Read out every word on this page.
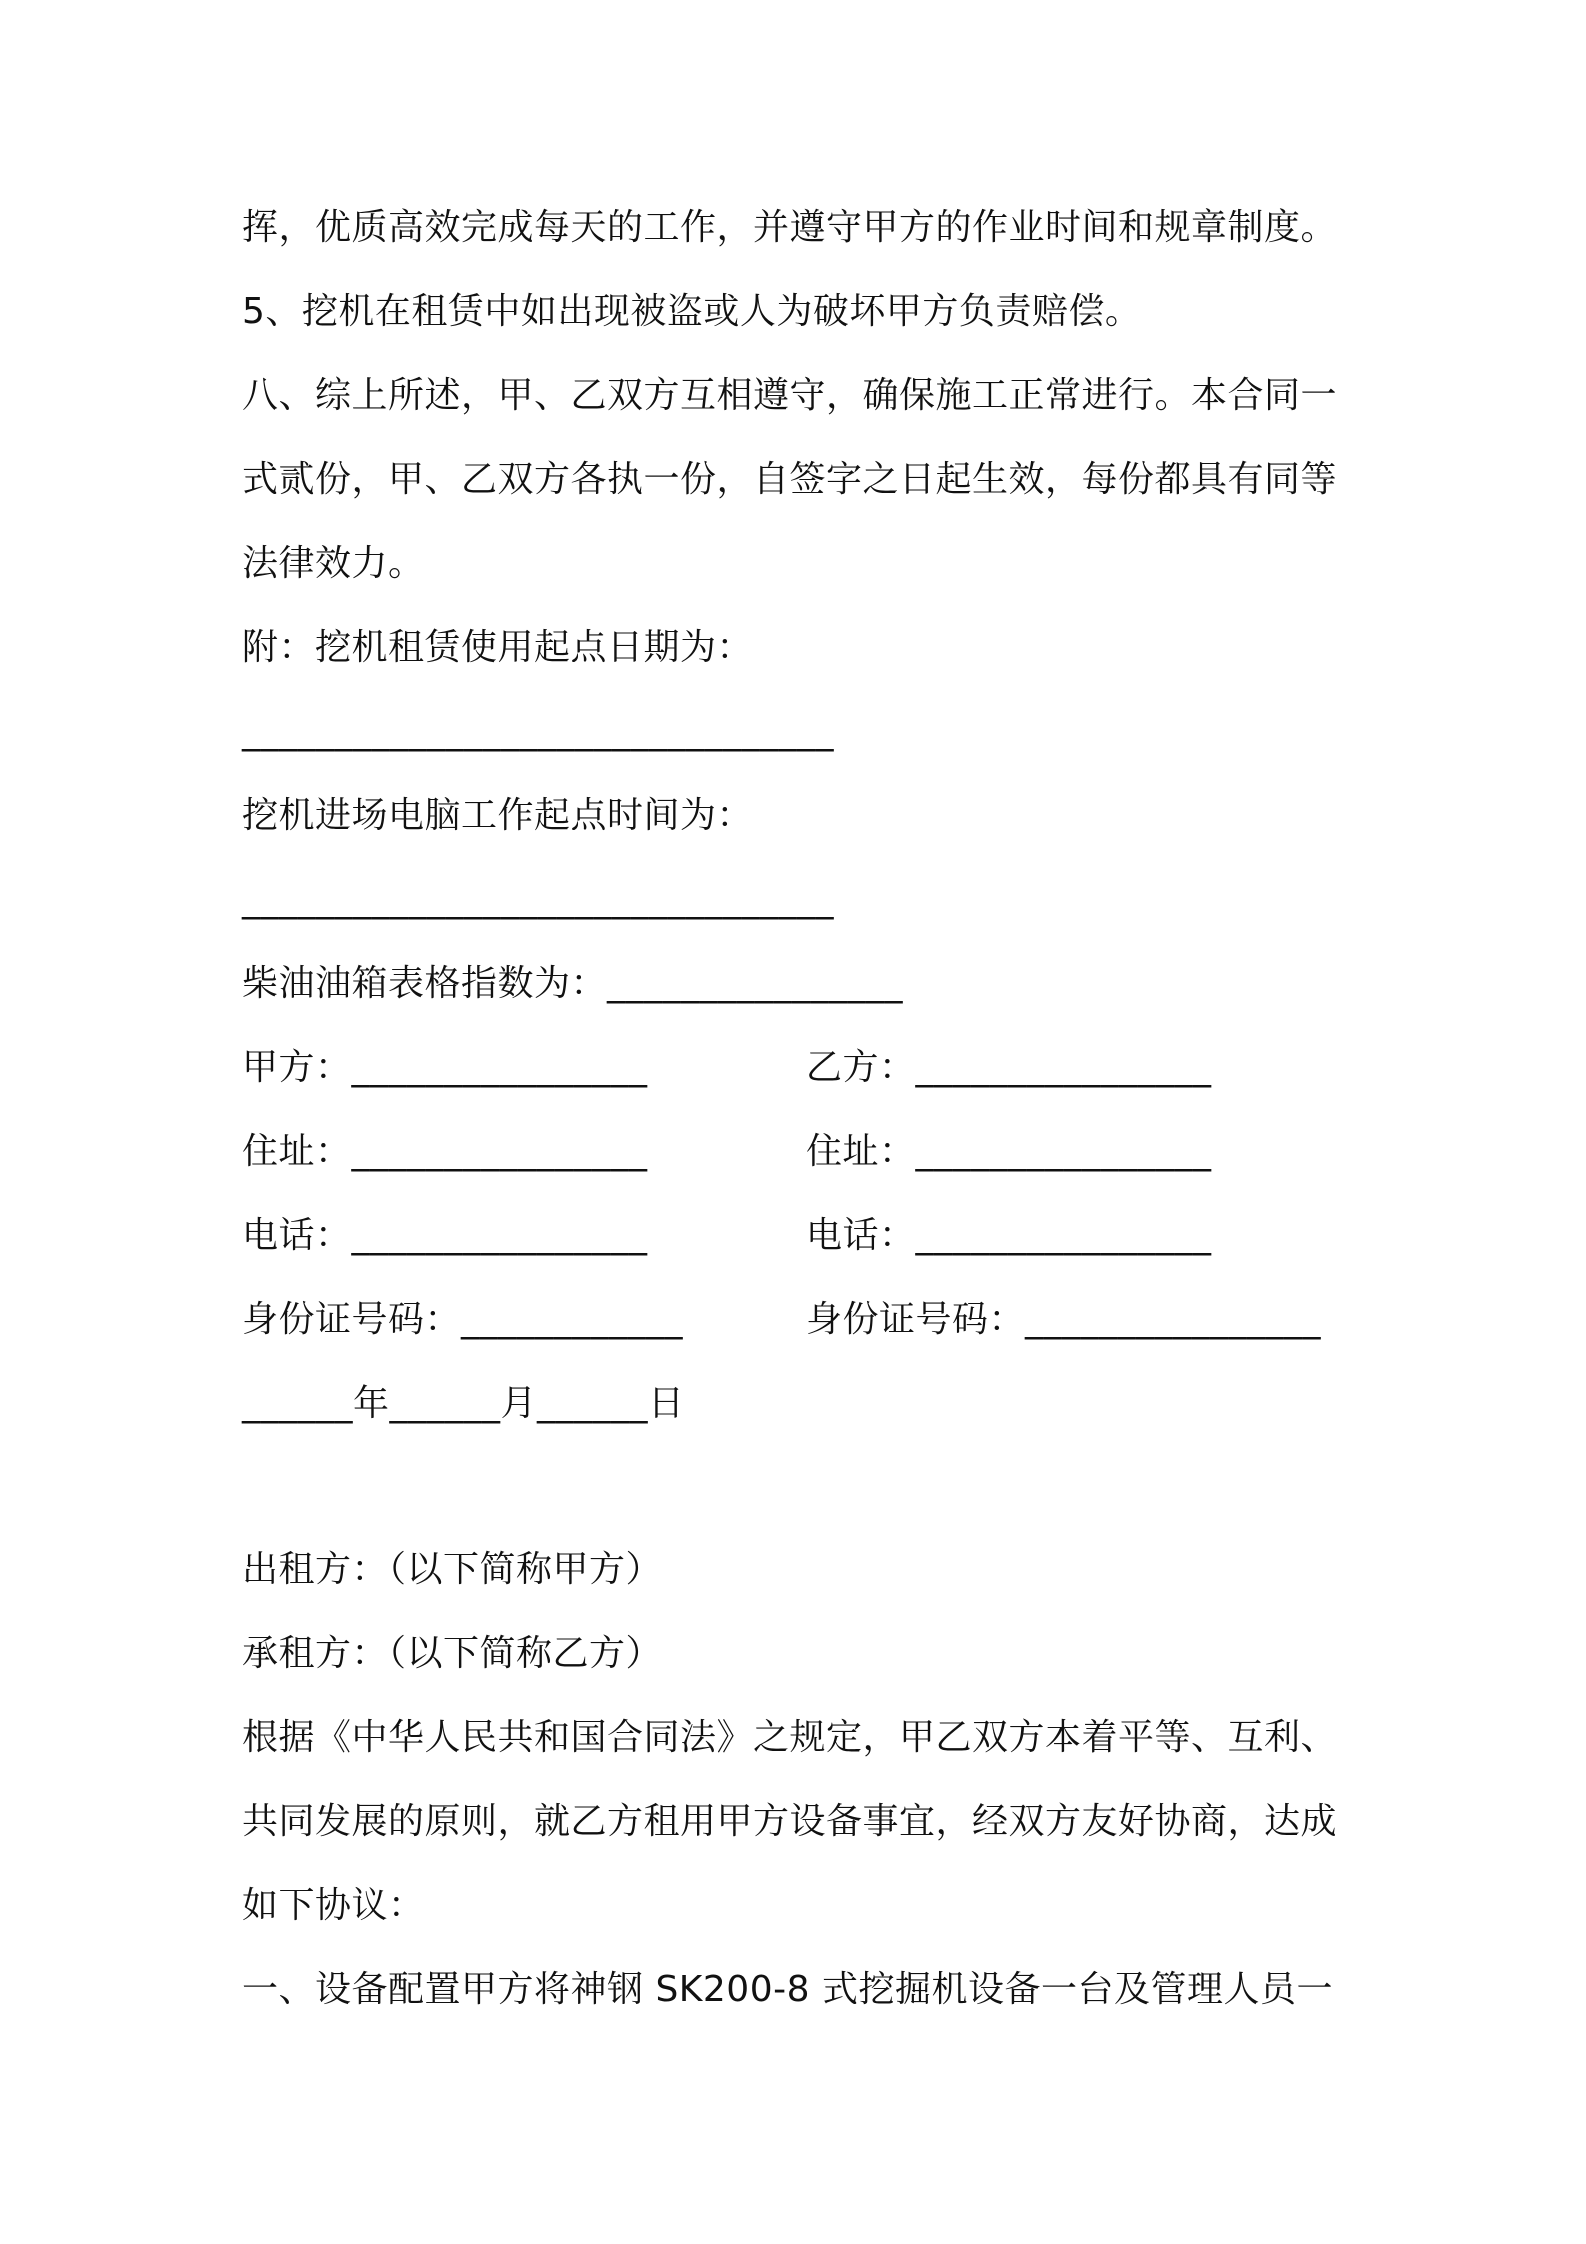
挥，优质高效完成每天的工作，并遵守甲方的作业时间和规章制度。
5、挖机在租赁中如出现被盗或人为破坏甲方负责赔偿。
八、综上所述，甲、乙双方互相遵守，确保施工正常进行。本合同一
式贰份，甲、乙双方各执一份，自签字之日起生效，每份都具有同等
法律效力。
附：挖机租赁使用起点日期为：
________________________________
挖机进场电脑工作起点时间为：
________________________________
柴油油箱表格指数为：________________
甲方：________________	乙方：________________
住址：________________	住址：________________
电话：________________	电话：________________
身份证号码：____________	身份证号码：________________
______年______月______日
出租方：（以下简称甲方）
承租方：（以下简称乙方）
根据《中华人民共和国合同法》之规定，甲乙双方本着平等、互利、
共同发展的原则，就乙方租用甲方设备事宜，经双方友好协商，达成
如下协议：
一、设备配置甲方将神钢 SK200-8 式挖掘机设备一台及管理人员一
